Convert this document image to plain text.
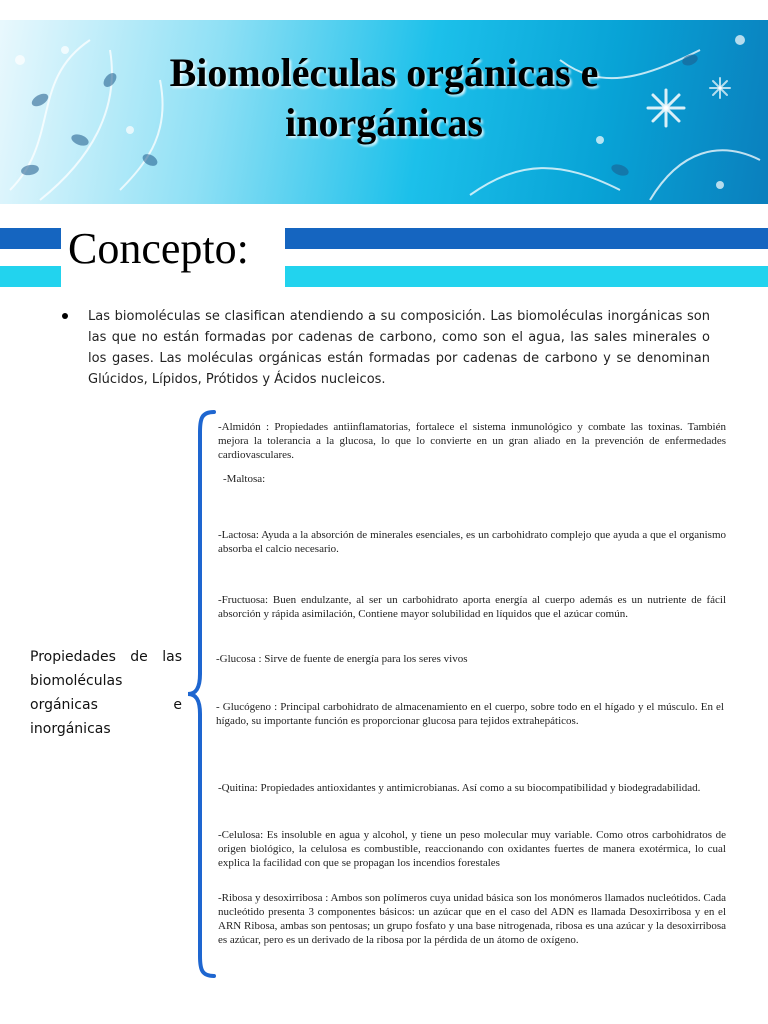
Biomoléculas orgánicas e
inorgánicas
Concepto:
Las biomoléculas se clasifican atendiendo a su composición. Las biomoléculas inorgánicas son las que no están formadas por cadenas de carbono, como son el agua, las sales minerales o los gases. Las moléculas orgánicas están formadas por cadenas de carbono y se denominan Glúcidos, Lípidos, Prótidos y Ácidos nucleicos.
Propiedades de las biomoléculas orgánicas e inorgánicas
-Almidón : Propiedades antiinflamatorias, fortalece el sistema inmunológico y combate las toxinas. También mejora la tolerancia a la glucosa, lo que lo convierte en un gran aliado en la prevención de enfermedades cardiovasculares.
-Maltosa:
-Lactosa: Ayuda a la absorción de minerales esenciales, es un carbohidrato complejo que ayuda a que el organismo absorba el calcio necesario.
-Fructuosa: Buen endulzante, al ser un carbohidrato aporta energía al cuerpo además es un nutriente de fácil absorción y rápida asimilación, Contiene mayor solubilidad en líquidos que el azúcar común.
-Glucosa : Sirve de fuente de energía para los seres vivos
- Glucógeno : Principal carbohidrato de almacenamiento en el cuerpo, sobre todo en el hígado y el músculo. En el hígado, su importante función es proporcionar glucosa para tejidos extrahepáticos.
-Quitina: Propiedades antioxidantes y antimicrobianas. Así como a su biocompatibilidad y biodegradabilidad.
-Celulosa: Es insoluble en agua y alcohol, y tiene un peso molecular muy variable. Como otros carbohidratos de origen biológico, la celulosa es combustible, reaccionando con oxidantes fuertes de manera exotérmica, lo cual explica la facilidad con que se propagan los incendios forestales
-Ribosa y desoxirribosa : Ambos son polímeros cuya unidad básica son los monómeros llamados nucleótidos. Cada nucleótido presenta 3 componentes básicos: un azúcar que en el caso del ADN es llamada Desoxirribosa y en el ARN Ribosa, ambas son pentosas; un grupo fosfato y una base nitrogenada, ribosa es una azúcar y la desoxirribosa es azúcar, pero es un derivado de la ribosa por la pérdida de un átomo de oxígeno.
